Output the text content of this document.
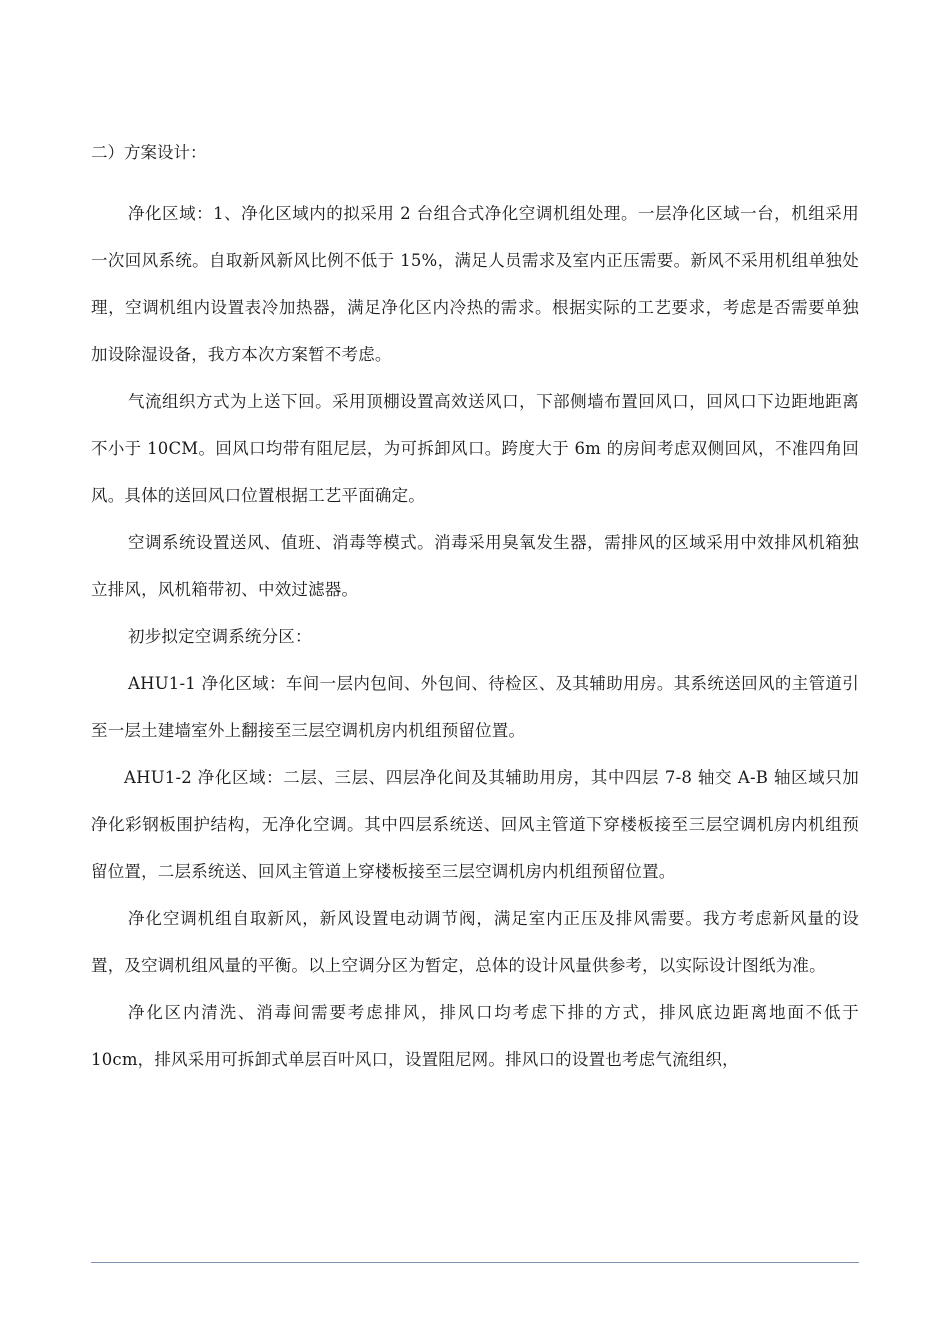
二）方案设计：

净化区域：1、净化区域内的拟采用 2 台组合式净化空调机组处理。一层净化区域一台，机组采用一次回风系统。自取新风新风比例不低于 15%，满足人员需求及室内正压需要。新风不采用机组单独处理，空调机组内设置表冷加热器，满足净化区内冷热的需求。根据实际的工艺要求，考虑是否需要单独加设除湿设备，我方本次方案暂不考虑。

气流组织方式为上送下回。采用顶棚设置高效送风口，下部侧墙布置回风口，回风口下边距地距离不小于 10CM。回风口均带有阻尼层，为可拆卸风口。跨度大于 6m 的房间考虑双侧回风，不准四角回风。具体的送回风口位置根据工艺平面确定。

空调系统设置送风、值班、消毒等模式。消毒采用臭氧发生器，需排风的区域采用中效排风机箱独立排风，风机箱带初、中效过滤器。

初步拟定空调系统分区：

AHU1-1 净化区域：车间一层内包间、外包间、待检区、及其辅助用房。其系统送回风的主管道引至一层土建墙室外上翻接至三层空调机房内机组预留位置。

AHU1-2 净化区域：二层、三层、四层净化间及其辅助用房，其中四层 7-8 轴交 A-B 轴区域只加净化彩钢板围护结构，无净化空调。其中四层系统送、回风主管道下穿楼板接至三层空调机房内机组预留位置，二层系统送、回风主管道上穿楼板接至三层空调机房内机组预留位置。

净化空调机组自取新风，新风设置电动调节阀，满足室内正压及排风需要。我方考虑新风量的设置，及空调机组风量的平衡。以上空调分区为暂定，总体的设计风量供参考，以实际设计图纸为准。

净化区内清洗、消毒间需要考虑排风，排风口均考虑下排的方式，排风底边距离地面不低于 10cm，排风采用可拆卸式单层百叶风口，设置阻尼网。排风口的设置也考虑气流组织，
